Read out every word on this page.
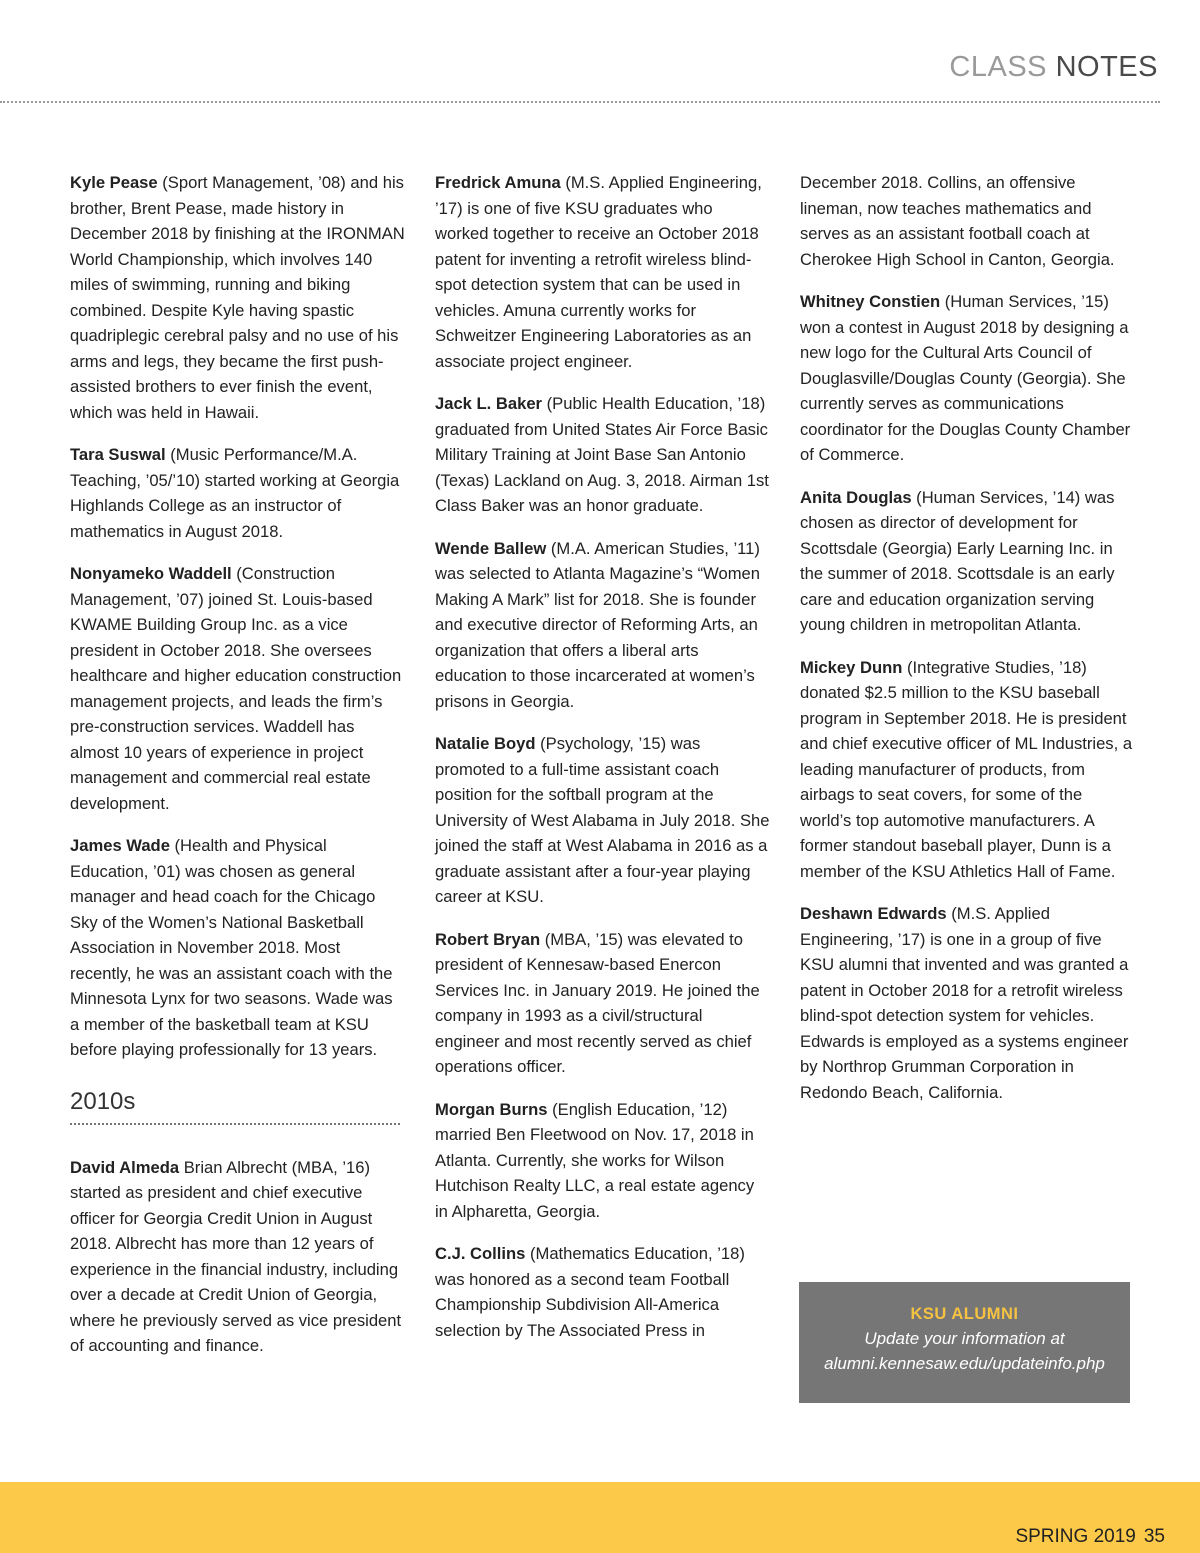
CLASS NOTES

Kyle Pease (Sport Management, ’08) and his brother, Brent Pease, made history in December 2018 by finishing at the IRONMAN World Championship, which involves 140 miles of swimming, running and biking combined. Despite Kyle having spastic quadriplegic cerebral palsy and no use of his arms and legs, they became the first push-assisted brothers to ever finish the event, which was held in Hawaii.

Tara Suswal (Music Performance/M.A. Teaching, ’05/’10) started working at Georgia Highlands College as an instructor of mathematics in August 2018.

Nonyameko Waddell (Construction Management, ’07) joined St. Louis-based KWAME Building Group Inc. as a vice president in October 2018. She oversees healthcare and higher education construction management projects, and leads the firm’s pre-construction services. Waddell has almost 10 years of experience in project management and commercial real estate development.

James Wade (Health and Physical Education, ’01) was chosen as general manager and head coach for the Chicago Sky of the Women’s National Basketball Association in November 2018. Most recently, he was an assistant coach with the Minnesota Lynx for two seasons. Wade was a member of the basketball team at KSU before playing professionally for 13 years.

2010s

David Almeda Brian Albrecht (MBA, ’16) started as president and chief executive officer for Georgia Credit Union in August 2018. Albrecht has more than 12 years of experience in the financial industry, including over a decade at Credit Union of Georgia, where he previously served as vice president of accounting and finance.

Fredrick Amuna (M.S. Applied Engineering, ’17) is one of five KSU graduates who worked together to receive an October 2018 patent for inventing a retrofit wireless blind-spot detection system that can be used in vehicles. Amuna currently works for Schweitzer Engineering Laboratories as an associate project engineer.

Jack L. Baker (Public Health Education, ’18) graduated from United States Air Force Basic Military Training at Joint Base San Antonio (Texas) Lackland on Aug. 3, 2018. Airman 1st Class Baker was an honor graduate.

Wende Ballew (M.A. American Studies, ’11) was selected to Atlanta Magazine’s “Women Making A Mark” list for 2018. She is founder and executive director of Reforming Arts, an organization that offers a liberal arts education to those incarcerated at women’s prisons in Georgia.

Natalie Boyd (Psychology, ’15) was promoted to a full-time assistant coach position for the softball program at the University of West Alabama in July 2018. She joined the staff at West Alabama in 2016 as a graduate assistant after a four-year playing career at KSU.

Robert Bryan (MBA, ’15) was elevated to president of Kennesaw-based Enercon Services Inc. in January 2019. He joined the company in 1993 as a civil/structural engineer and most recently served as chief operations officer.

Morgan Burns (English Education, ’12) married Ben Fleetwood on Nov. 17, 2018 in Atlanta. Currently, she works for Wilson Hutchison Realty LLC, a real estate agency in Alpharetta, Georgia.

C.J. Collins (Mathematics Education, ’18) was honored as a second team Football Championship Subdivision All-America selection by The Associated Press in

December 2018. Collins, an offensive lineman, now teaches mathematics and serves as an assistant football coach at Cherokee High School in Canton, Georgia.

Whitney Constien (Human Services, ’15) won a contest in August 2018 by designing a new logo for the Cultural Arts Council of Douglasville/Douglas County (Georgia). She currently serves as communications coordinator for the Douglas County Chamber of Commerce.

Anita Douglas (Human Services, ’14) was chosen as director of development for Scottsdale (Georgia) Early Learning Inc. in the summer of 2018. Scottsdale is an early care and education organization serving young children in metropolitan Atlanta.

Mickey Dunn (Integrative Studies, ’18) donated $2.5 million to the KSU baseball program in September 2018. He is president and chief executive officer of ML Industries, a leading manufacturer of products, from airbags to seat covers, for some of the world’s top automotive manufacturers. A former standout baseball player, Dunn is a member of the KSU Athletics Hall of Fame.

Deshawn Edwards (M.S. Applied Engineering, ’17) is one in a group of five KSU alumni that invented and was granted a patent in October 2018 for a retrofit wireless blind-spot detection system for vehicles. Edwards is employed as a systems engineer by Northrop Grumman Corporation in Redondo Beach, California.

KSU ALUMNI
Update your information at
alumni.kennesaw.edu/updateinfo.php
SPRING 2019 35
